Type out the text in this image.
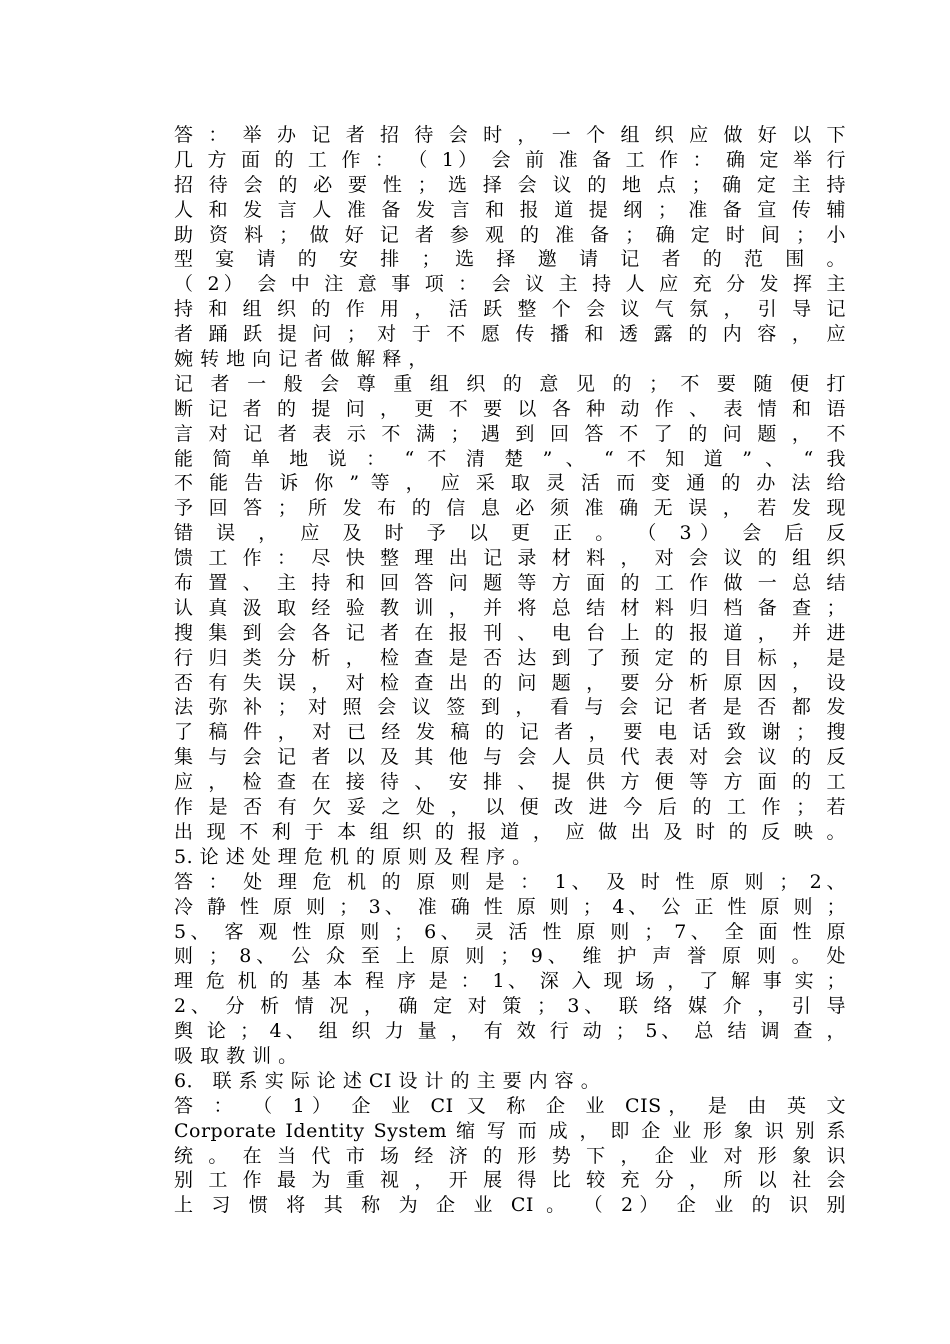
答 ： 举 办 记 者 招 待 会 时 ， 一 个 组 织 应 做 好 以 下
几 方 面 的 工 作 ： （ 1） 会 前 准 备 工 作 ： 确 定 举 行
招 待 会 的 必 要 性 ； 选 择 会 议 的 地 点 ； 确 定 主 持
人 和 发 言 人 准 备 发 言 和 报 道 提 纲 ； 准 备 宣 传 辅
助 资 料 ； 做 好 记 者 参 观 的 准 备 ； 确 定 时 间 ； 小
型 宴 请 的 安 排 ； 选 择 邀 请 记 者 的 范 围 。
（ 2） 会 中 注 意 事 项 ： 会 议 主 持 人 应 充 分 发 挥 主
持 和 组 织 的 作 用 ， 活 跃 整 个 会 议 气 氛 ， 引 导 记
者 踊 跃 提 问 ； 对 于 不 愿 传 播 和 透 露 的 内 容 ， 应
婉 转 地 向 记 者 做 解 释 ，
记 者 一 般 会 尊 重 组 织 的 意 见 的 ； 不 要 随 便 打
断 记 者 的 提 问 ， 更 不 要 以 各 种 动 作 、 表 情 和 语
言 对 记 者 表 示 不 满 ； 遇 到 回 答 不 了 的 问 题 ， 不
能 简 单 地 说 ： “ 不 清 楚 ” 、 “ 不 知 道 ” 、 “ 我
不 能 告 诉 你 ” 等 ， 应 采 取 灵 活 而 变 通 的 办 法 给
予 回 答 ； 所 发 布 的 信 息 必 须 准 确 无 误 ， 若 发 现
错 误 ， 应 及 时 予 以 更 正 。 （ 3） 会 后 反
馈 工 作 ： 尽 快 整 理 出 记 录 材 料 ， 对 会 议 的 组 织
布 置 、 主 持 和 回 答 问 题 等 方 面 的 工 作 做 一 总 结
认 真 汲 取 经 验 教 训 ， 并 将 总 结 材 料 归 档 备 查 ；
搜 集 到 会 各 记 者 在 报 刊 、 电 台 上 的 报 道 ， 并 进
行 归 类 分 析 ， 检 查 是 否 达 到 了 预 定 的 目 标 ， 是
否 有 失 误 ， 对 检 查 出 的 问 题 ， 要 分 析 原 因 ， 设
法 弥 补 ； 对 照 会 议 签 到 ， 看 与 会 记 者 是 否 都 发
了 稿 件 ， 对 已 经 发 稿 的 记 者 ， 要 电 话 致 谢 ； 搜
集 与 会 记 者 以 及 其 他 与 会 人 员 代 表 对 会 议 的 反
应 ， 检 查 在 接 待 、 安 排 、 提 供 方 便 等 方 面 的 工
作 是 否 有 欠 妥 之 处 ， 以 便 改 进 今 后 的 工 作 ； 若
出 现 不 利 于 本 组 织 的 报 道 ， 应 做 出 及 时 的 反 映 。
5. 论 述 处 理 危 机 的 原 则 及 程 序 。
答 ： 处 理 危 机 的 原 则 是 ： 1、 及 时 性 原 则 ； 2、
冷 静 性 原 则 ； 3、 准 确 性 原 则 ； 4、 公 正 性 原 则 ；
5、 客 观 性 原 则 ； 6、 灵 活 性 原 则 ； 7、 全 面 性 原
则 ； 8、 公 众 至 上 原 则 ； 9、 维 护 声 誉 原 则 。 处
理 危 机 的 基 本 程 序 是 ： 1、 深 入 现 场 ， 了 解 事 实 ；
2、 分 析 情 况 ， 确 定 对 策 ； 3、 联 络 媒 介 ， 引 导
舆 论 ； 4、 组 织 力 量 ， 有 效 行 动 ； 5、 总 结 调 查 ，
吸 取 教 训 。
6． 联 系 实 际 论 述 CI 设 计 的 主 要 内 容 。
答 ： （ 1） 企 业 CI 又 称 企 业 CIS， 是 由 英 文
Corporate Identity System 缩 写 而 成 ， 即 企 业 形 象 识 别 系
统 。 在 当 代 市 场 经 济 的 形 势 下 ， 企 业 对 形 象 识
别 工 作 最 为 重 视 ， 开 展 得 比 较 充 分 ， 所 以 社 会
上 习 惯 将 其 称 为 企 业 CI 。 （ 2） 企 业 的 识 别
